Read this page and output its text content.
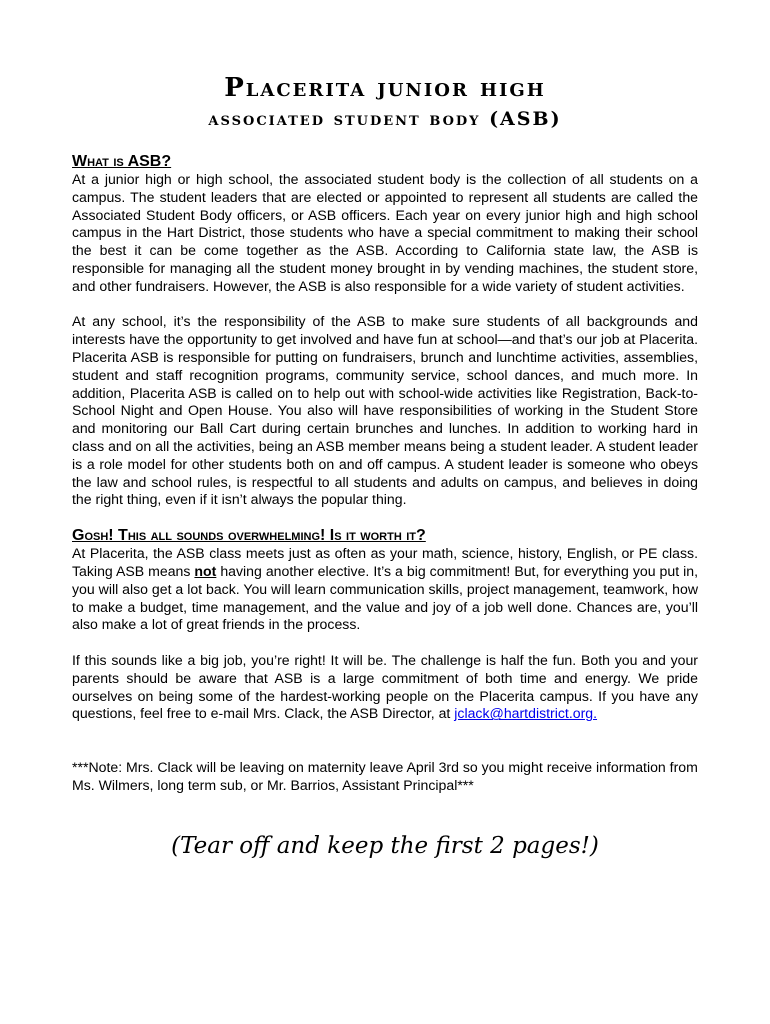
Placerita junior high
associated student body (ASB)
What is ASB?

At a junior high or high school, the associated student body is the collection of all students on a campus. The student leaders that are elected or appointed to represent all students are called the Associated Student Body officers, or ASB officers. Each year on every junior high and high school campus in the Hart District, those students who have a special commitment to making their school the best it can be come together as the ASB. According to California state law, the ASB is responsible for managing all the student money brought in by vending machines, the student store, and other fundraisers. However, the ASB is also responsible for a wide variety of student activities.

At any school, it’s the responsibility of the ASB to make sure students of all backgrounds and interests have the opportunity to get involved and have fun at school—and that’s our job at Placerita. Placerita ASB is responsible for putting on fundraisers, brunch and lunchtime activities, assemblies, student and staff recognition programs, community service, school dances, and much more. In addition, Placerita ASB is called on to help out with school-wide activities like Registration, Back-to-School Night and Open House. You also will have responsibilities of working in the Student Store and monitoring our Ball Cart during certain brunches and lunches. In addition to working hard in class and on all the activities, being an ASB member means being a student leader. A student leader is a role model for other students both on and off campus. A student leader is someone who obeys the law and school rules, is respectful to all students and adults on campus, and believes in doing the right thing, even if it isn’t always the popular thing.

Gosh! This all sounds overwhelming! Is it worth it?

At Placerita, the ASB class meets just as often as your math, science, history, English, or PE class. Taking ASB means not having another elective. It’s a big commitment! But, for everything you put in, you will also get a lot back. You will learn communication skills, project management, teamwork, how to make a budget, time management, and the value and joy of a job well done. Chances are, you’ll also make a lot of great friends in the process.

If this sounds like a big job, you’re right! It will be. The challenge is half the fun. Both you and your parents should be aware that ASB is a large commitment of both time and energy. We pride ourselves on being some of the hardest-working people on the Placerita campus. If you have any questions, feel free to e-mail Mrs. Clack, the ASB Director, at jclack@hartdistrict.org.

***Note: Mrs. Clack will be leaving on maternity leave April 3rd so you might receive information from Ms. Wilmers, long term sub, or Mr. Barrios, Assistant Principal***

(Tear off and keep the first 2 pages!)
